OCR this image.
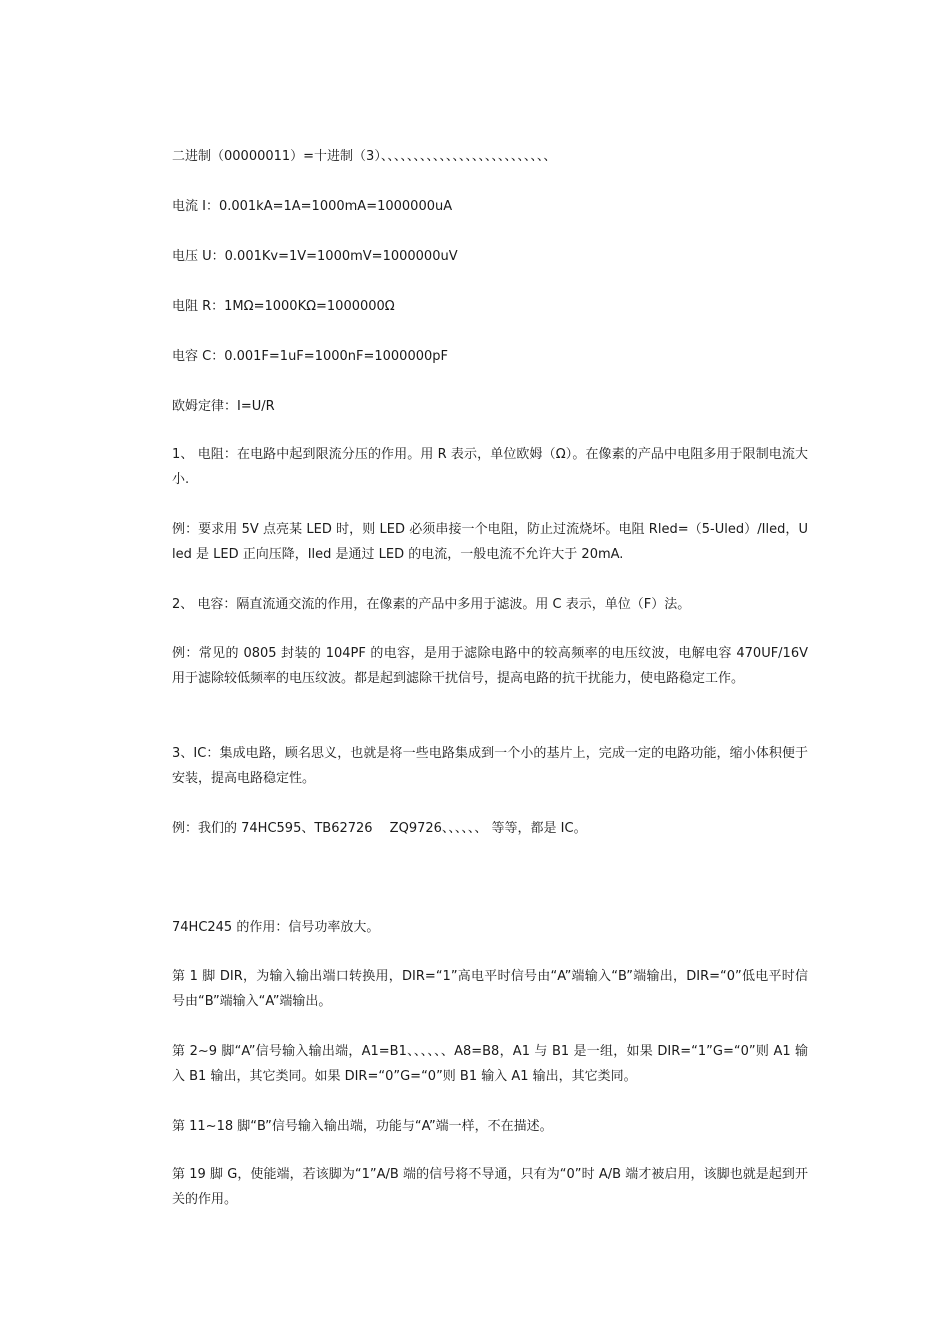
二进制（00000011）=十进制（3）、、、、、、、、、、、、、、、、、、、、、、、、、、

电流 I：0.001kA=1A=1000mA=1000000uA

电压 U：0.001Kv=1V=1000mV=1000000uV

电阻 R：1MΩ=1000KΩ=1000000Ω

电容 C：0.001F=1uF=1000nF=1000000pF

欧姆定律：I=U/R

1、 电阻：在电路中起到限流分压的作用。用 R 表示，单位欧姆（Ω）。在像素的产品中电阻多用于限制电流大小.

例：要求用 5V 点亮某 LED 时，则 LED 必须串接一个电阻，防止过流烧坏。电阻 Rled=（5-Uled）/Iled，Uled 是 LED 正向压降，Iled 是通过 LED 的电流，一般电流不允许大于 20mA.

2、 电容：隔直流通交流的作用，在像素的产品中多用于滤波。用 C 表示，单位（F）法。

例：常见的 0805 封装的 104PF 的电容，是用于滤除电路中的较高频率的电压纹波，电解电容 470UF/16V 用于滤除较低频率的电压纹波。都是起到滤除干扰信号，提高电路的抗干扰能力，使电路稳定工作。

3、IC：集成电路，顾名思义，也就是将一些电路集成到一个小的基片上，完成一定的电路功能，缩小体积便于安装，提高电路稳定性。

例：我们的 74HC595、TB62726　 ZQ9726、、、、、、 等等，都是 IC。

74HC245 的作用：信号功率放大。

第 1 脚 DIR，为输入输出端口转换用，DIR=“1”高电平时信号由“A”端输入“B”端输出，DIR=“0”低电平时信号由“B”端输入“A”端输出。

第 2~9 脚“A”信号输入输出端，A1=B1、、、、、、A8=B8，A1 与 B1 是一组，如果 DIR=“1”G=“0”则 A1 输入 B1 输出，其它类同。如果 DIR=“0”G=“0”则 B1 输入 A1 输出，其它类同。

第 11~18 脚“B”信号输入输出端，功能与“A”端一样，不在描述。

第 19 脚 G，使能端，若该脚为“1”A/B 端的信号将不导通，只有为“0”时 A/B 端才被启用，该脚也就是起到开关的作用。
